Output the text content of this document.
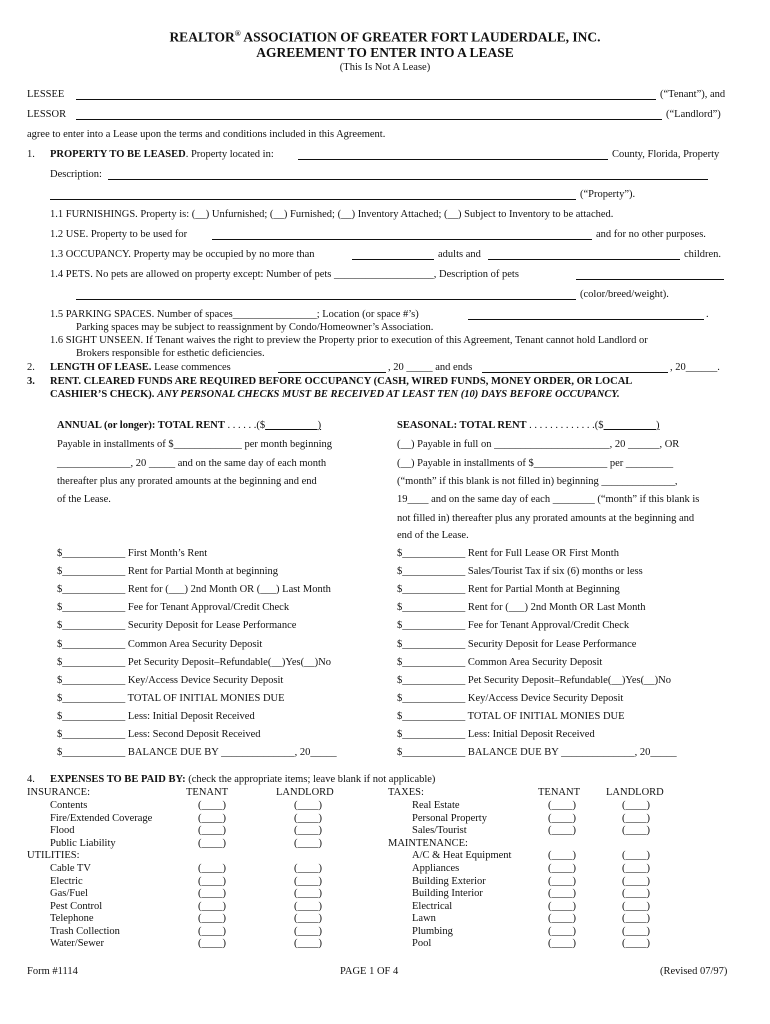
REALTOR® ASSOCIATION OF GREATER FORT LAUDERDALE, INC.
AGREEMENT TO ENTER INTO A LEASE
(This Is Not A Lease)
LESSEE	(“Tenant”), and
LESSOR	(“Landlord”)
agree to enter into a Lease upon the terms and conditions included in this Agreement.
1. PROPERTY TO BE LEASED. Property located in:	County, Florida, Property
Description:
(“Property”).
1.1 FURNISHINGS. Property is: (__) Unfurnished; (__) Furnished; (__) Inventory Attached; (__) Subject to Inventory to be attached.
1.2 USE. Property to be used for	and for no other purposes.
1.3 OCCUPANCY. Property may be occupied by no more than	adults and	children.
1.4 PETS. No pets are allowed on property except: Number of pets ___________________, Description of pets
(color/breed/weight).
1.5 PARKING SPACES. Number of spaces________________; Location (or space #’s)	.
Parking spaces may be subject to reassignment by Condo/Homeowner’s Association.
1.6 SIGHT UNSEEN. If Tenant waives the right to preview the Property prior to execution of this Agreement, Tenant cannot hold Landlord or
Brokers responsible for esthetic deficiencies.
2. LENGTH OF LEASE. Lease commences	, 20 _____ and ends	, 20______.
3. RENT. CLEARED FUNDS ARE REQUIRED BEFORE OCCUPANCY (CASH, WIRED FUNDS, MONEY ORDER, OR LOCAL
CASHIER’S CHECK). ANY PERSONAL CHECKS MUST BE RECEIVED AT LEAST TEN (10) DAYS BEFORE OCCUPANCY.
ANNUAL (or longer): TOTAL RENT . . . . . .($	)
Payable in installments of $_____________ per month beginning
______________, 20 _____ and on the same day of each month
thereafter plus any prorated amounts at the beginning and end
of the Lease.
$____________ First Month’s Rent
$____________ Rent for Partial Month at beginning
$____________ Rent for (___) 2nd Month OR (___) Last Month
$____________ Fee for Tenant Approval/Credit Check
$____________ Security Deposit for Lease Performance
$____________ Common Area Security Deposit
$____________ Pet Security Deposit–Refundable(__)Yes(__)No
$____________ Key/Access Device Security Deposit
$____________ TOTAL OF INITIAL MONIES DUE
$____________ Less: Initial Deposit Received
$____________ Less: Second Deposit Received
$____________ BALANCE DUE BY ______________, 20_____
SEASONAL: TOTAL RENT . . . . . . . . . . . . .($	)
(__) Payable in full on ______________________, 20 ______, OR
(__) Payable in installments of $______________ per _________
(“month” if this blank is not filled in) beginning ______________,
19____ and on the same day of each ________ (“month” if this blank is
not filled in) thereafter plus any prorated amounts at the beginning and
end of the Lease.
$____________ Rent for Full Lease OR First Month
$____________ Sales/Tourist Tax if six (6) months or less
$____________ Rent for Partial Month at Beginning
$____________ Rent for (___) 2nd Month OR Last Month
$____________ Fee for Tenant Approval/Credit Check
$____________ Security Deposit for Lease Performance
$____________ Common Area Security Deposit
$____________ Pet Security Deposit–Refundable(__)Yes(__)No
$____________ Key/Access Device Security Deposit
$____________ TOTAL OF INITIAL MONIES DUE
$____________ Less: Initial Deposit Received
$____________ BALANCE DUE BY ______________, 20_____
4. EXPENSES TO BE PAID BY: (check the appropriate items; leave blank if not applicable)
INSURANCE:	TENANT	LANDLORD	TAXES:	TENANT LANDLORD
Contents	(____)	(____)
Fire/Extended Coverage	(____)	(____)
Flood	(____)	(____)
Public Liability	(____)	(____)
UTILITIES:
Cable TV	(____)	(____)
Electric	(____)	(____)
Gas/Fuel	(____)	(____)
Pest Control	(____)	(____)
Telephone	(____)	(____)
Trash Collection	(____)	(____)
Water/Sewer	(____)	(____)
Real Estate	(____)	(____)
Personal Property	(____)	(____)
Sales/Tourist	(____)	(____)
MAINTENANCE:
A/C & Heat Equipment	(____)	(____)
Appliances	(____)	(____)
Building Exterior	(____)	(____)
Building Interior	(____)	(____)
Electrical	(____)	(____)
Lawn	(____)	(____)
Plumbing	(____)	(____)
Pool	(____)	(____)
Form #1114	PAGE 1 OF 4	(Revised 07/97)
